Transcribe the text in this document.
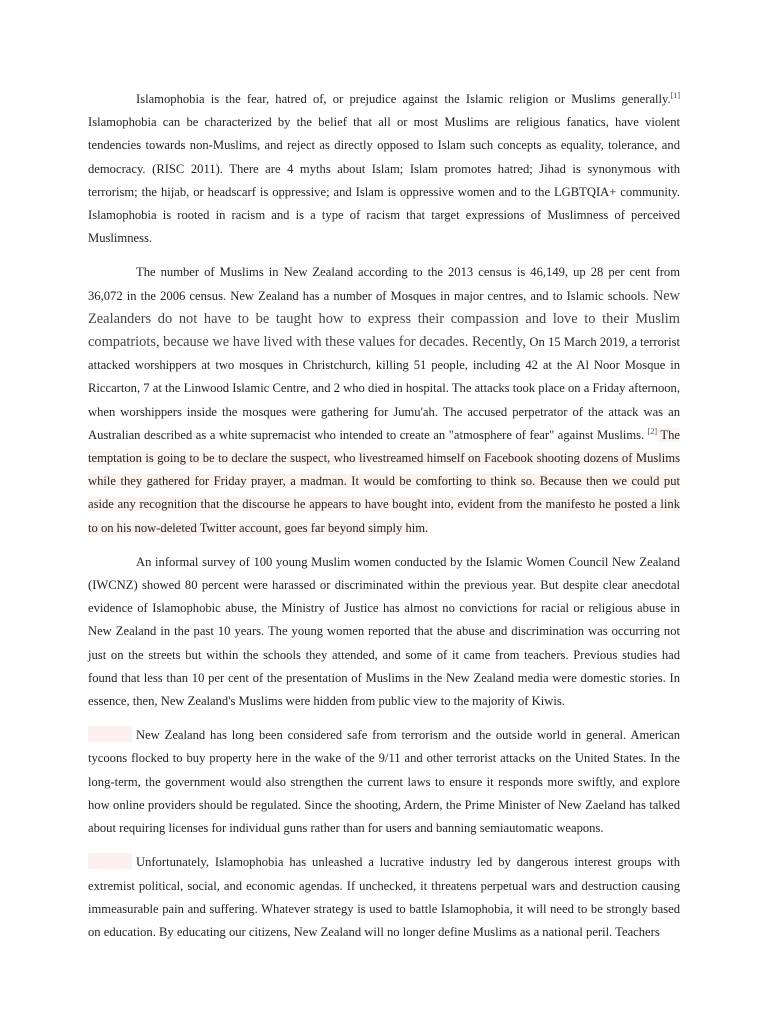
Islamophobia is the fear, hatred of, or prejudice against the Islamic religion or Muslims generally.[1] Islamophobia can be characterized by the belief that all or most Muslims are religious fanatics, have violent tendencies towards non-Muslims, and reject as directly opposed to Islam such concepts as equality, tolerance, and democracy. (RISC 2011). There are 4 myths about Islam; Islam promotes hatred; Jihad is synonymous with terrorism; the hijab, or headscarf is oppressive; and Islam is oppressive women and to the LGBTQIA+ community. Islamophobia is rooted in racism and is a type of racism that target expressions of Muslimness of perceived Muslimness.

The number of Muslims in New Zealand according to the 2013 census is 46,149, up 28 per cent from 36,072 in the 2006 census. New Zealand has a number of Mosques in major centres, and to Islamic schools. New Zealanders do not have to be taught how to express their compassion and love to their Muslim compatriots, because we have lived with these values for decades. Recently, On 15 March 2019, a terrorist attacked worshippers at two mosques in Christchurch, killing 51 people, including 42 at the Al Noor Mosque in Riccarton, 7 at the Linwood Islamic Centre, and 2 who died in hospital. The attacks took place on a Friday afternoon, when worshippers inside the mosques were gathering for Jumu'ah. The accused perpetrator of the attack was an Australian described as a white supremacist who intended to create an "atmosphere of fear" against Muslims. [2] The temptation is going to be to declare the suspect, who livestreamed himself on Facebook shooting dozens of Muslims while they gathered for Friday prayer, a madman. It would be comforting to think so. Because then we could put aside any recognition that the discourse he appears to have bought into, evident from the manifesto he posted a link to on his now-deleted Twitter account, goes far beyond simply him.

An informal survey of 100 young Muslim women conducted by the Islamic Women Council New Zealand (IWCNZ) showed 80 percent were harassed or discriminated within the previous year. But despite clear anecdotal evidence of Islamophobic abuse, the Ministry of Justice has almost no convictions for racial or religious abuse in New Zealand in the past 10 years. The young women reported that the abuse and discrimination was occurring not just on the streets but within the schools they attended, and some of it came from teachers. Previous studies had found that less than 10 per cent of the presentation of Muslims in the New Zealand media were domestic stories. In essence, then, New Zealand's Muslims were hidden from public view to the majority of Kiwis.

New Zealand has long been considered safe from terrorism and the outside world in general. American tycoons flocked to buy property here in the wake of the 9/11 and other terrorist attacks on the United States. In the long-term, the government would also strengthen the current laws to ensure it responds more swiftly, and explore how online providers should be regulated. Since the shooting, Ardern, the Prime Minister of New Zaeland has talked about requiring licenses for individual guns rather than for users and banning semiautomatic weapons.

Unfortunately, Islamophobia has unleashed a lucrative industry led by dangerous interest groups with extremist political, social, and economic agendas. If unchecked, it threatens perpetual wars and destruction causing immeasurable pain and suffering. Whatever strategy is used to battle Islamophobia, it will need to be strongly based on education. By educating our citizens, New Zealand will no longer define Muslims as a national peril. Teachers
